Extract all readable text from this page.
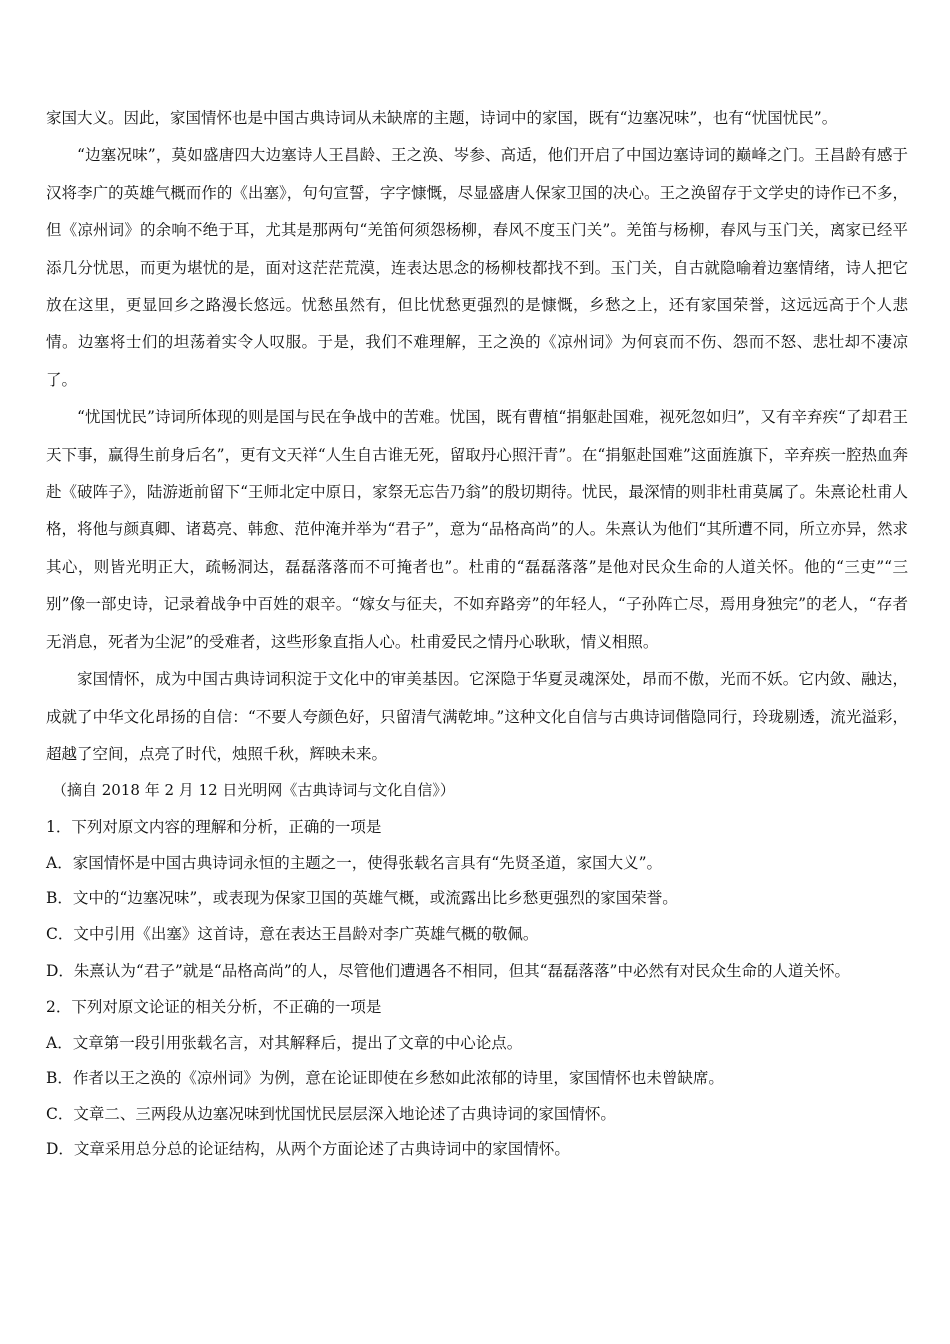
家国大义。因此，家国情怀也是中国古典诗词从未缺席的主题，诗词中的家国，既有“边塞况味”，也有“忧国忧民”。

“边塞况味”，莫如盛唐四大边塞诗人王昌龄、王之涣、岑参、高适，他们开启了中国边塞诗词的巅峰之门。王昌龄有感于汉将李广的英雄气概而作的《出塞》，句句宣誓，字字慷慨，尽显盛唐人保家卫国的决心。王之涣留存于文学史的诗作已不多，但《凉州词》的余响不绝于耳，尤其是那两句“羌笛何须怨杨柳，春风不度玉门关”。羌笛与杨柳，春风与玉门关，离家已经平添几分忧思，而更为堪忧的是，面对这茫茫荒漠，连表达思念的杨柳枝都找不到。玉门关，自古就隐喻着边塞情绪，诗人把它放在这里，更显回乡之路漫长悠远。忧愁虽然有，但比忧愁更强烈的是慷慨，乡愁之上，还有家国荣誉，这远远高于个人悲情。边塞将士们的坦荡着实令人叹服。于是，我们不难理解，王之涣的《凉州词》为何哀而不伤、怨而不怒、悲壮却不凄凉了。

“忧国忧民”诗词所体现的则是国与民在争战中的苦难。忧国，既有曹植“捐躯赴国难，视死忽如归”，又有辛弃疾“了却君王天下事，赢得生前身后名”，更有文天祥“人生自古谁无死，留取丹心照汗青”。在“捐躯赴国难”这面旌旗下，辛弃疾一腔热血奔赴《破阵子》，陆游逝前留下“王师北定中原日，家祭无忘告乃翁”的殷切期待。忧民，最深情的则非杜甫莫属了。朱熹论杜甫人格，将他与颜真卿、诸葛亮、韩愈、范仲淹并举为“君子”，意为“品格高尚”的人。朱熹认为他们“其所遭不同，所立亦异，然求其心，则皆光明正大，疏畅洞达，磊磊落落而不可掩者也”。杜甫的“磊磊落落”是他对民众生命的人道关怀。他的“三吏”“三别”像一部史诗，记录着战争中百姓的艰辛。“嫁女与征夫，不如弃路旁”的年轻人，“子孙阵亡尽，焉用身独完”的老人，“存者无消息，死者为尘泥”的受难者，这些形象直指人心。杜甫爱民之情丹心耿耿，情义相照。

家国情怀，成为中国古典诗词积淀于文化中的审美基因。它深隐于华夏灵魂深处，昂而不傲，光而不妖。它内敛、融达，成就了中华文化昂扬的自信：“不要人夸颜色好，只留清气满乾坤。”这种文化自信与古典诗词偕隐同行，玲珑剔透，流光溢彩，超越了空间，点亮了时代，烛照千秋，辉映未来。

（摘自 2018 年 2 月 12 日光明网《古典诗词与文化自信》）

1．下列对原文内容的理解和分析，正确的一项是

A．家国情怀是中国古典诗词永恒的主题之一，使得张载名言具有“先贤圣道，家国大义”。

B．文中的“边塞况味”，或表现为保家卫国的英雄气概，或流露出比乡愁更强烈的家国荣誉。

C．文中引用《出塞》这首诗，意在表达王昌龄对李广英雄气概的敬佩。

D．朱熹认为“君子”就是“品格高尚”的人，尽管他们遭遇各不相同，但其“磊磊落落”中必然有对民众生命的人道关怀。

2．下列对原文论证的相关分析，不正确的一项是

A．文章第一段引用张载名言，对其解释后，提出了文章的中心论点。

B．作者以王之涣的《凉州词》为例，意在论证即使在乡愁如此浓郁的诗里，家国情怀也未曾缺席。

C．文章二、三两段从边塞况味到忧国忧民层层深入地论述了古典诗词的家国情怀。

D．文章采用总分总的论证结构，从两个方面论述了古典诗词中的家国情怀。
